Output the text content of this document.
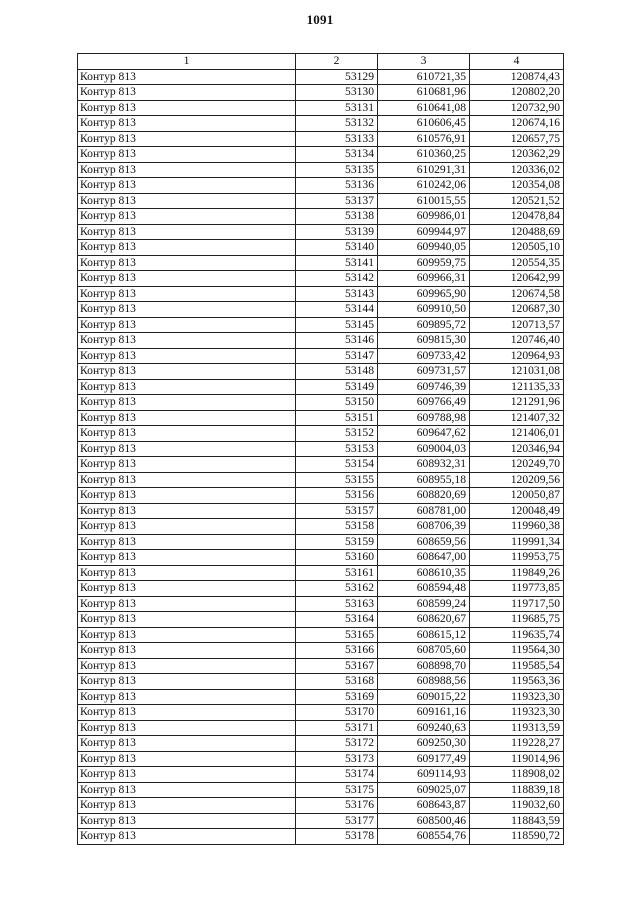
1091
1	2	3	4
Контур 813	53129	610721,35	120874,43
Контур 813	53130	610681,96	120802,20
Контур 813	53131	610641,08	120732,90
Контур 813	53132	610606,45	120674,16
Контур 813	53133	610576,91	120657,75
Контур 813	53134	610360,25	120362,29
Контур 813	53135	610291,31	120336,02
Контур 813	53136	610242,06	120354,08
Контур 813	53137	610015,55	120521,52
Контур 813	53138	609986,01	120478,84
Контур 813	53139	609944,97	120488,69
Контур 813	53140	609940,05	120505,10
Контур 813	53141	609959,75	120554,35
Контур 813	53142	609966,31	120642,99
Контур 813	53143	609965,90	120674,58
Контур 813	53144	609910,50	120687,30
Контур 813	53145	609895,72	120713,57
Контур 813	53146	609815,30	120746,40
Контур 813	53147	609733,42	120964,93
Контур 813	53148	609731,57	121031,08
Контур 813	53149	609746,39	121135,33
Контур 813	53150	609766,49	121291,96
Контур 813	53151	609788,98	121407,32
Контур 813	53152	609647,62	121406,01
Контур 813	53153	609004,03	120346,94
Контур 813	53154	608932,31	120249,70
Контур 813	53155	608955,18	120209,56
Контур 813	53156	608820,69	120050,87
Контур 813	53157	608781,00	120048,49
Контур 813	53158	608706,39	119960,38
Контур 813	53159	608659,56	119991,34
Контур 813	53160	608647,00	119953,75
Контур 813	53161	608610,35	119849,26
Контур 813	53162	608594,48	119773,85
Контур 813	53163	608599,24	119717,50
Контур 813	53164	608620,67	119685,75
Контур 813	53165	608615,12	119635,74
Контур 813	53166	608705,60	119564,30
Контур 813	53167	608898,70	119585,54
Контур 813	53168	608988,56	119563,36
Контур 813	53169	609015,22	119323,30
Контур 813	53170	609161,16	119323,30
Контур 813	53171	609240,63	119313,59
Контур 813	53172	609250,30	119228,27
Контур 813	53173	609177,49	119014,96
Контур 813	53174	609114,93	118908,02
Контур 813	53175	609025,07	118839,18
Контур 813	53176	608643,87	119032,60
Контур 813	53177	608500,46	118843,59
Контур 813	53178	608554,76	118590,72
